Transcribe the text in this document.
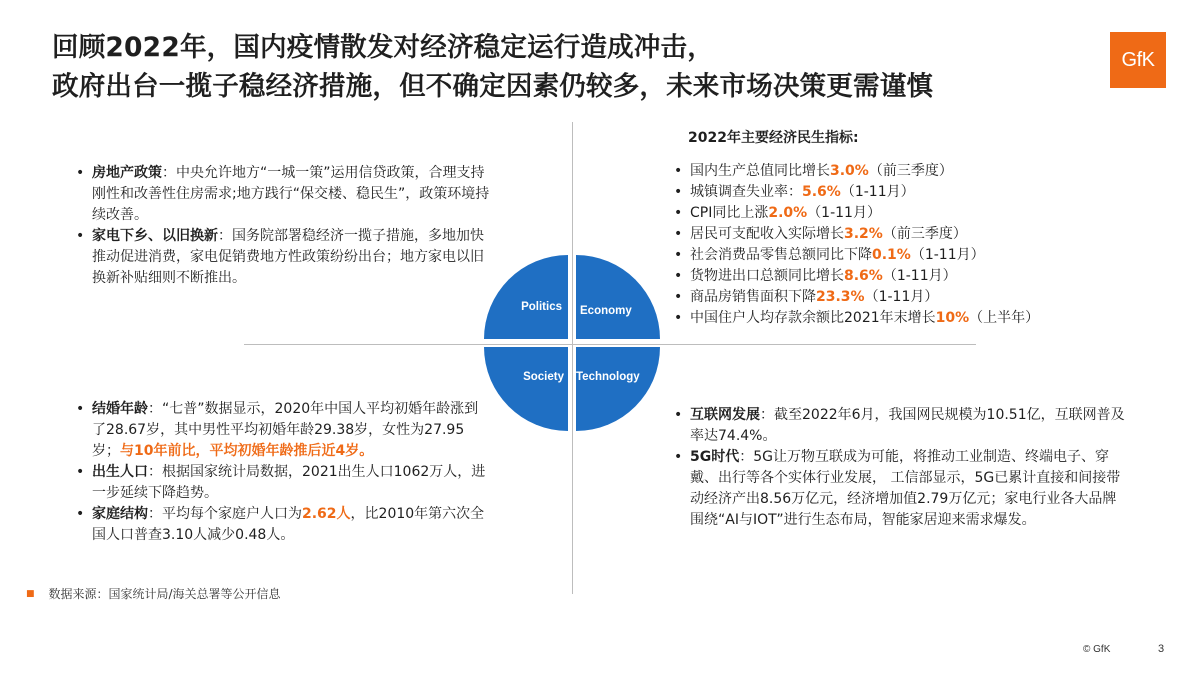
回顾2022年，国内疫情散发对经济稳定运行造成冲击，
政府出台一揽子稳经济措施，但不确定因素仍较多，未来市场决策更需谨慎
GfK
Politics Economy
Society Technology
• 房地产政策：中央允许地方“一城一策”运用信贷政策，合理支持刚性和改善性住房需求;地方践行“保交楼、稳民生”，政策环境持续改善。
• 家电下乡、以旧换新：国务院部署稳经济一揽子措施，多地加快推动促进消费，家电促销费地方性政策纷纷出台；地方家电以旧换新补贴细则不断推出。
2022年主要经济民生指标:
• 国内生产总值同比增长3.0%（前三季度）
• 城镇调查失业率：5.6%（1-11月）
• CPI同比上涨2.0%（1-11月）
• 居民可支配收入实际增长3.2%（前三季度）
• 社会消费品零售总额同比下降0.1%（1-11月）
• 货物进出口总额同比增长8.6%（1-11月）
• 商品房销售面积下降23.3%（1-11月）
• 中国住户人均存款余额比2021年末增长10%（上半年）
• 结婚年龄：“七普”数据显示，2020年中国人平均初婚年龄涨到了28.67岁，其中男性平均初婚年龄29.38岁，女性为27.95岁；与10年前比，平均初婚年龄推后近4岁。
• 出生人口：根据国家统计局数据，2021出生人口1062万人，进一步延续下降趋势。
• 家庭结构：平均每个家庭户人口为2.62人，比2010年第六次全国人口普查3.10人减少0.48人。
• 互联网发展：截至2022年6月，我国网民规模为10.51亿，互联网普及率达74.4%。
• 5G时代：5G让万物互联成为可能，将推动工业制造、终端电子、穿戴、出行等各个实体行业发展， 工信部显示，5G已累计直接和间接带动经济产出8.56万亿元，经济增加值2.79万亿元；家电行业各大品牌围绕“AI与IOT”进行生态布局，智能家居迎来需求爆发。
■ 数据来源：国家统计局/海关总署等公开信息
© GfK	3
